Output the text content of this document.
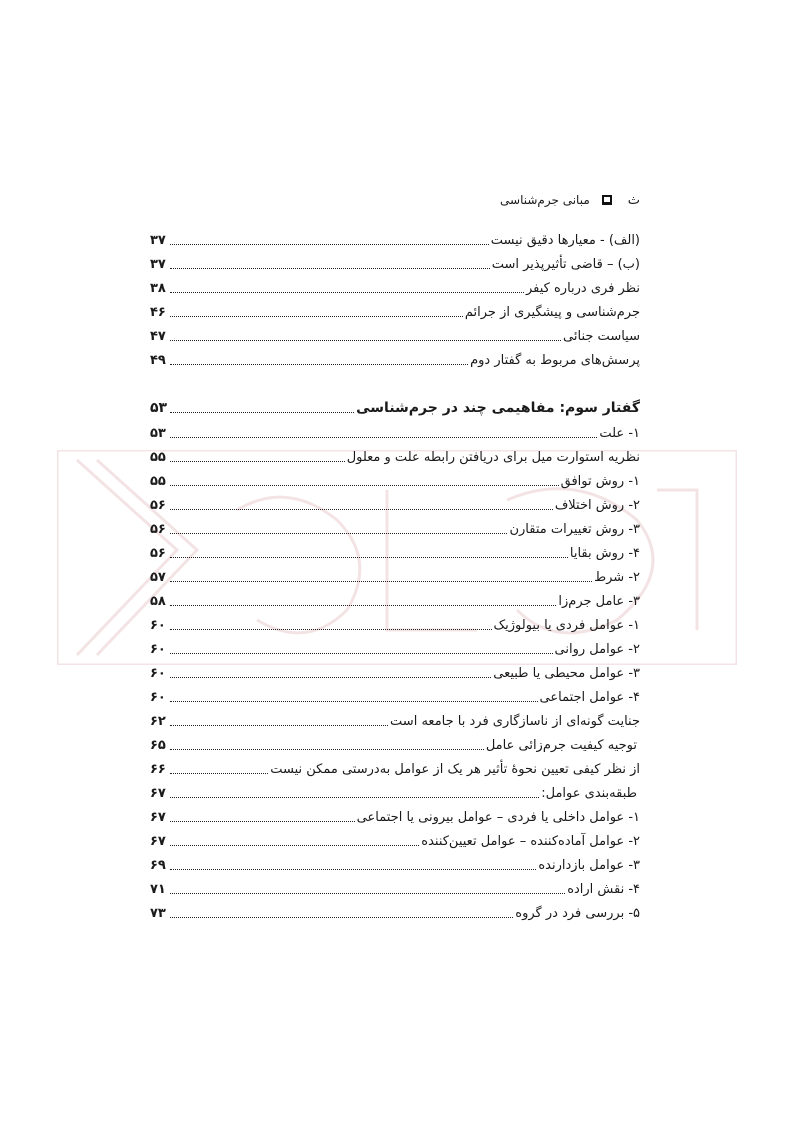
ث
مبانی جرم‌شناسی
(الف) - معیارها دقیق نیست
۳۷
(ب) – قاضی تأثیرپذیر است
۳۷
نظر فری درباره کیفر
۳۸
جرم‌شناسی و پیشگیری از جرائم
۴۶
سیاست جنائی
۴۷
پرسش‌های مربوط به گفتار دوم
۴۹
گفتار سوم: مفاهیمی چند در جرم‌شناسی
۵۳
۱- علت
۵۳
نظریه استوارت میل برای دریافتن رابطه علت و معلول
۵۵
۱- روش توافق
۵۵
۲- روش اختلاف
۵۶
۳- روش تغییرات متقارن
۵۶
۴- روش بقایا
۵۶
۲- شرط
۵۷
۳- عامل جرم‌زا
۵۸
۱- عوامل فردی یا بیولوژیک
۶۰
۲- عوامل روانی
۶۰
۳- عوامل محیطی یا طبیعی
۶۰
۴- عوامل اجتماعی
۶۰
جنایت گونه‌ای از ناسازگاری فرد با جامعه است
۶۲
توجیه کیفیت جرم‌زائی عامل
۶۵
از نظر کیفی تعیین نحوهٔ تأثیر هر یک از عوامل به‌درستی ممکن نیست
۶۶
طبقه‌بندی عوامل:
۶۷
۱- عوامل داخلی یا فردی – عوامل بیرونی یا اجتماعی
۶۷
۲- عوامل آماده‌کننده – عوامل تعیین‌کننده
۶۷
۳- عوامل بازدارنده
۶۹
۴- نقش اراده
۷۱
۵- بررسی فرد در گروه
۷۳
